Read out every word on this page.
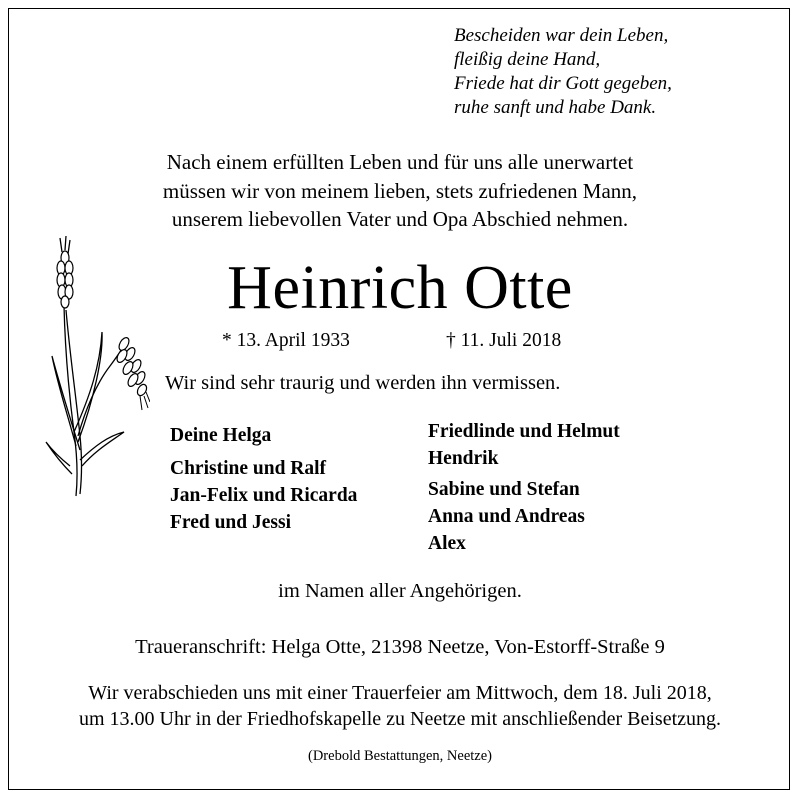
Bescheiden war dein Leben,
fleißig deine Hand,
Friede hat dir Gott gegeben,
ruhe sanft und habe Dank.
Nach einem erfüllten Leben und für uns alle unerwartet
müssen wir von meinem lieben, stets zufriedenen Mann,
unserem liebevollen Vater und Opa Abschied nehmen.
Heinrich Otte
* 13. April 1933	† 11. Juli 2018
Wir sind sehr traurig und werden ihn vermissen.
Deine Helga
Christine und Ralf
Jan-Felix und Ricarda
Fred und Jessi
Friedlinde und Helmut
Hendrik
Sabine und Stefan
Anna und Andreas
Alex
im Namen aller Angehörigen.
Traueranschrift: Helga Otte, 21398 Neetze, Von-Estorff-Straße 9
Wir verabschieden uns mit einer Trauerfeier am Mittwoch, dem 18. Juli 2018,
um 13.00 Uhr in der Friedhofskapelle zu Neetze mit anschließender Beisetzung.
(Drebold Bestattungen, Neetze)
